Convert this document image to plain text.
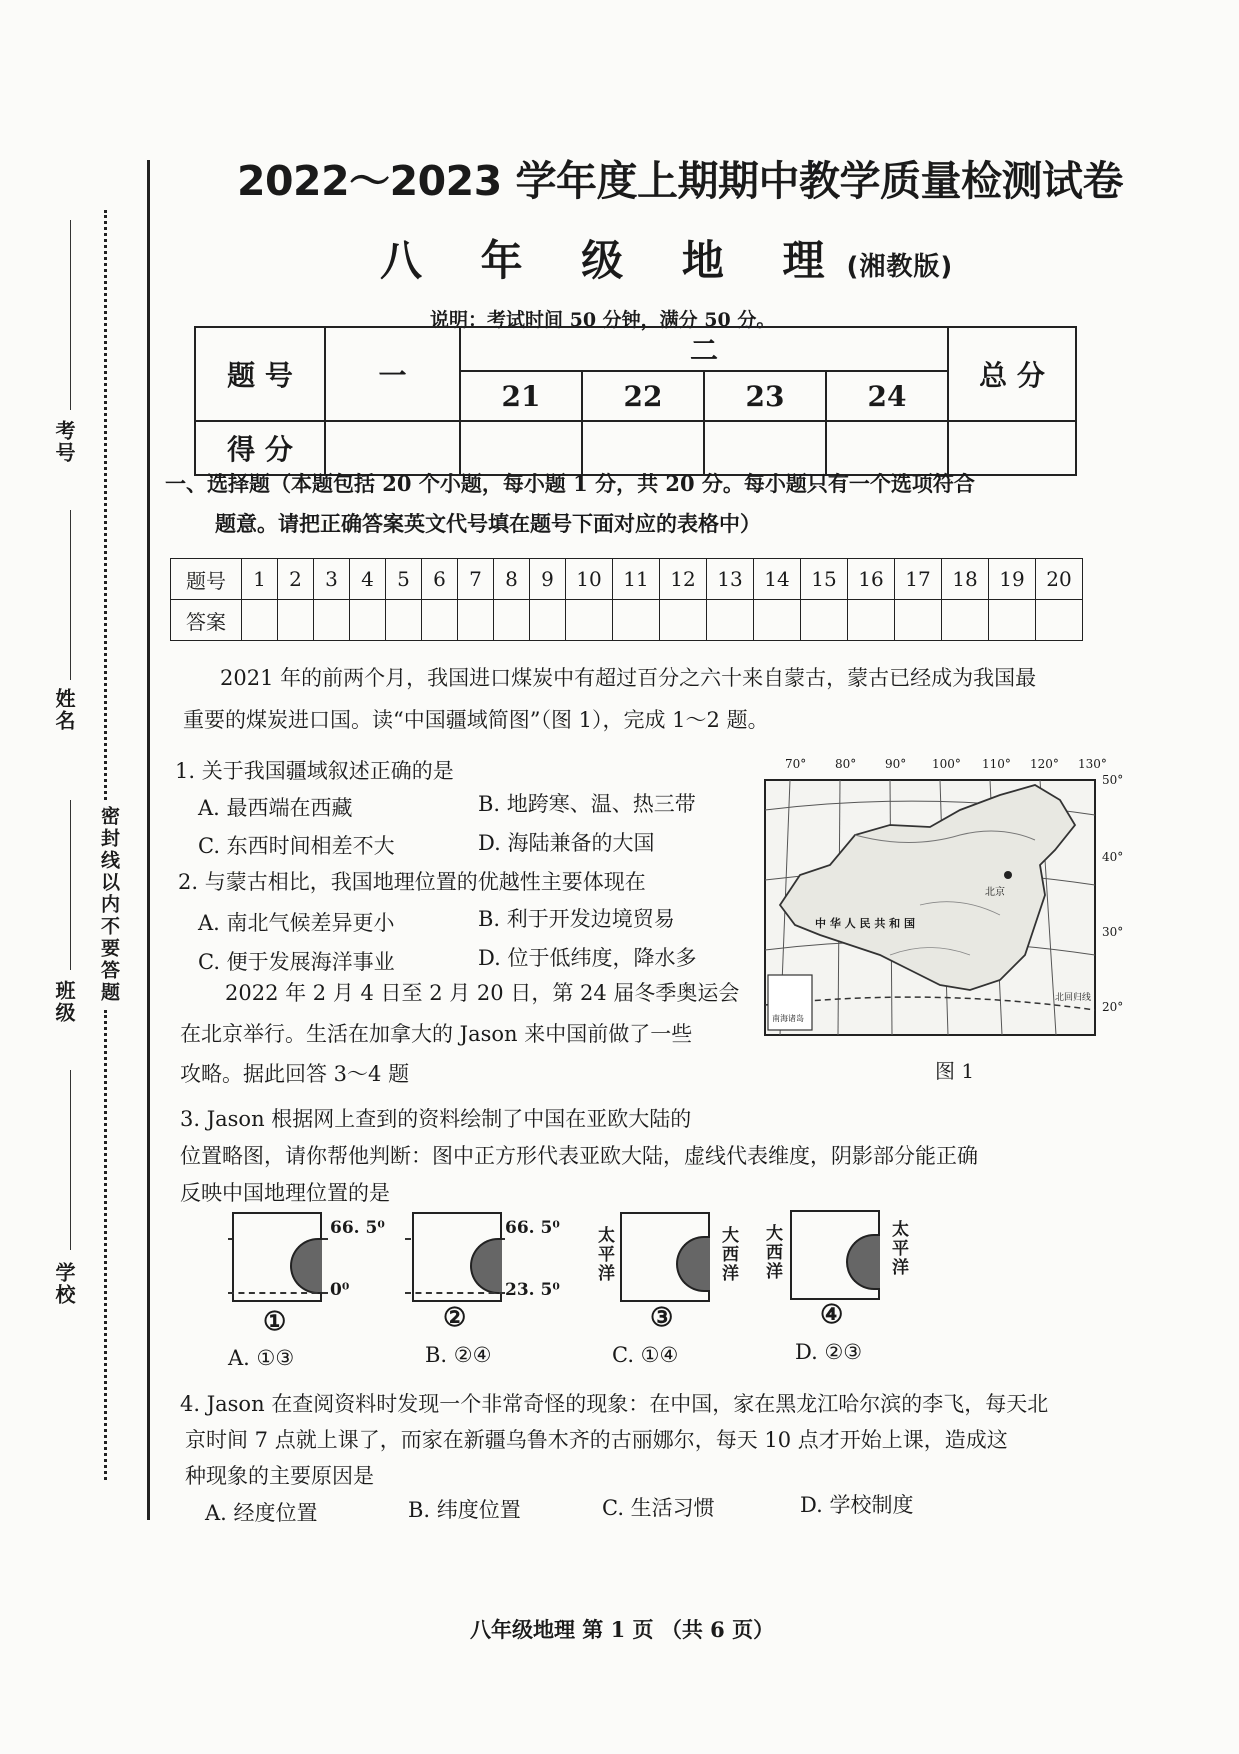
考号
姓名
班级
学校
密封线以内不要答题
2022～2023 学年度上期期中教学质量检测试卷
八 年 级 地 理(湘教版)
说明：考试时间 50 分钟，满分 50 分。
题 号	一	二				总 分
		21	22	23	24	
得 分						
一、选择题（本题包括 20 个小题，每小题 1 分，共 20 分。每小题只有一个选项符合
题意。请把正确答案英文代号填在题号下面对应的表格中）
题号	1	2	3	4	5	6	7	8	9	10	11	12	13	14	15	16	17	18	19	20
答案																				
2021 年的前两个月，我国进口煤炭中有超过百分之六十来自蒙古，蒙古已经成为我国最
重要的煤炭进口国。读“中国疆域简图”（图 1），完成 1～2 题。
1. 关于我国疆域叙述正确的是
A. 最西端在西藏	B. 地跨寒、温、热三带
C. 东西时间相差不大	D. 海陆兼备的大国
2. 与蒙古相比，我国地理位置的优越性主要体现在
A. 南北气候差异更小	B. 利于开发边境贸易
C. 便于发展海洋事业	D. 位于低纬度，降水多
2022 年 2 月 4 日至 2 月 20 日，第 24 届冬季奥运会
在北京举行。生活在加拿大的 Jason 来中国前做了一些
攻略。据此回答 3～4 题
70° 80° 90° 100° 110° 120° 130°
50°
40°
30°
20°
中 华 人 民 共 和 国
北京
北回归线
南海诸岛
图 1
3. Jason 根据网上查到的资料绘制了中国在亚欧大陆的
位置略图，请你帮他判断：图中正方形代表亚欧大陆，虚线代表维度，阴影部分能正确
反映中国地理位置的是
66. 5⁰
0⁰
①
66. 5⁰
23. 5⁰
②
太平洋	大西洋
③
大西洋	太平洋
④
A. ①③	B. ②④	C. ①④	D. ②③
4. Jason 在查阅资料时发现一个非常奇怪的现象：在中国，家在黑龙江哈尔滨的李飞，每天北
京时间 7 点就上课了，而家在新疆乌鲁木齐的古丽娜尔，每天 10 点才开始上课，造成这
种现象的主要原因是
A. 经度位置	B. 纬度位置	C. 生活习惯	D. 学校制度
八年级地理 第 1 页 （共 6 页）
